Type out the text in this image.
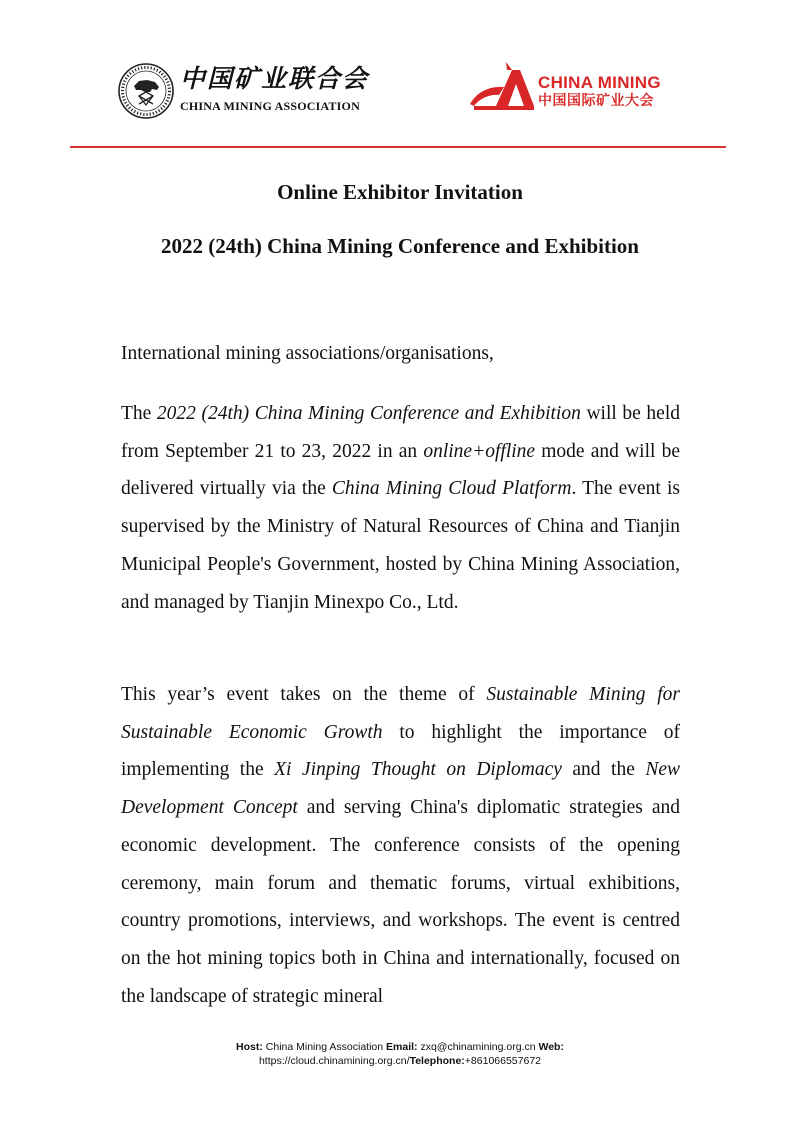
中国矿业联合会
CHINA MINING ASSOCIATION
CHINA MINING
中国国际矿业大会
Online Exhibitor Invitation
2022 (24th) China Mining Conference and Exhibition

International mining associations/organisations,

The 2022 (24th) China Mining Conference and Exhibition will be held from September 21 to 23, 2022 in an online+offline mode and will be delivered virtually via the China Mining Cloud Platform. The event is supervised by the Ministry of Natural Resources of China and Tianjin Municipal People's Government, hosted by China Mining Association, and managed by Tianjin Minexpo Co., Ltd.

This year’s event takes on the theme of Sustainable Mining for Sustainable Economic Growth to highlight the importance of implementing the Xi Jinping Thought on Diplomacy and the New Development Concept and serving China's diplomatic strategies and economic development. The conference consists of the opening ceremony, main forum and thematic forums, virtual exhibitions, country promotions, interviews, and workshops. The event is centred on the hot mining topics both in China and internationally, focused on the landscape of strategic mineral

Host: China Mining Association Email: zxq@chinamining.org.cn Web:
https://cloud.chinamining.org.cn/Telephone:+861066557672
